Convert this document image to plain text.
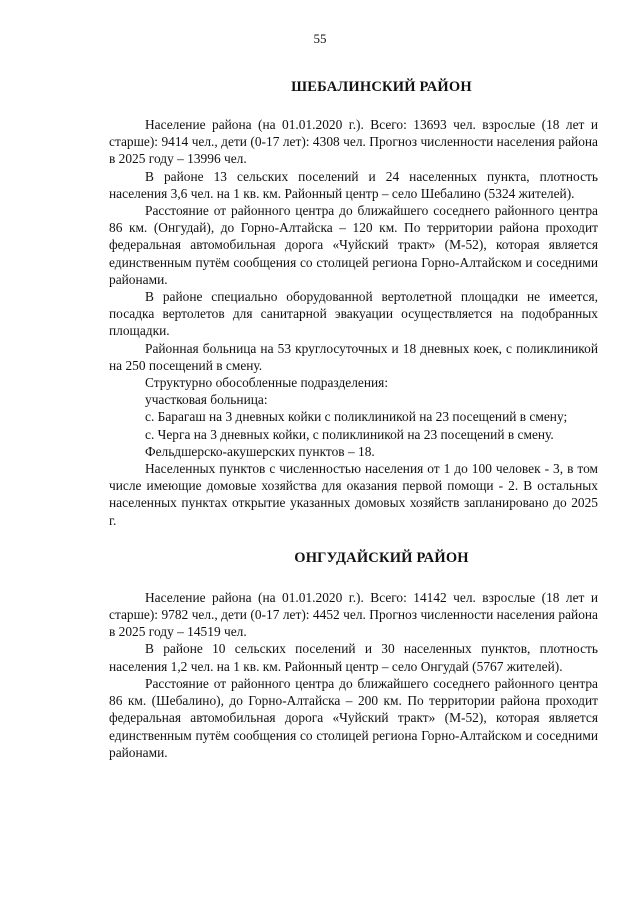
55
ШЕБАЛИНСКИЙ РАЙОН

Население района (на 01.01.2020 г.). Всего: 13693 чел. взрослые (18 лет и старше): 9414 чел., дети (0-17 лет): 4308 чел. Прогноз численности населения района в 2025 году – 13996 чел.

В районе 13 сельских поселений и 24 населенных пункта, плотность населения 3,6 чел. на 1 кв. км. Районный центр – село Шебалино (5324 жителей).

Расстояние от районного центра до ближайшего соседнего районного центра 86 км. (Онгудай), до Горно-Алтайска – 120 км. По территории района проходит федеральная автомобильная дорога «Чуйский тракт» (М-52), которая является единственным путём сообщения со столицей региона Горно-Алтайском и соседними районами.

В районе специально оборудованной вертолетной площадки не имеется, посадка вертолетов для санитарной эвакуации осуществляется на подобранных площадки.

Районная больница на 53 круглосуточных и 18 дневных коек, с поликлиникой на 250 посещений в смену.

Структурно обособленные подразделения:

участковая больница:

с. Барагаш на 3 дневных койки с поликлиникой на 23 посещений в смену;

с. Черга на 3 дневных койки, с поликлиникой на 23 посещений в смену.

Фельдшерско-акушерских пунктов – 18.

Населенных пунктов с численностью населения от 1 до 100 человек - 3, в том числе имеющие домовые хозяйства для оказания первой помощи - 2. В остальных населенных пунктах открытие указанных домовых хозяйств запланировано до 2025 г.

ОНГУДАЙСКИЙ РАЙОН

Население района (на 01.01.2020 г.). Всего: 14142 чел. взрослые (18 лет и старше): 9782 чел., дети (0-17 лет): 4452 чел. Прогноз численности населения района в 2025 году – 14519 чел.

В районе 10 сельских поселений и 30 населенных пунктов, плотность населения 1,2 чел. на 1 кв. км. Районный центр – село Онгудай (5767 жителей).

Расстояние от районного центра до ближайшего соседнего районного центра 86 км. (Шебалино), до Горно-Алтайска – 200 км. По территории района проходит федеральная автомобильная дорога «Чуйский тракт» (М-52), которая является единственным путём сообщения со столицей региона Горно-Алтайском и соседними районами.
